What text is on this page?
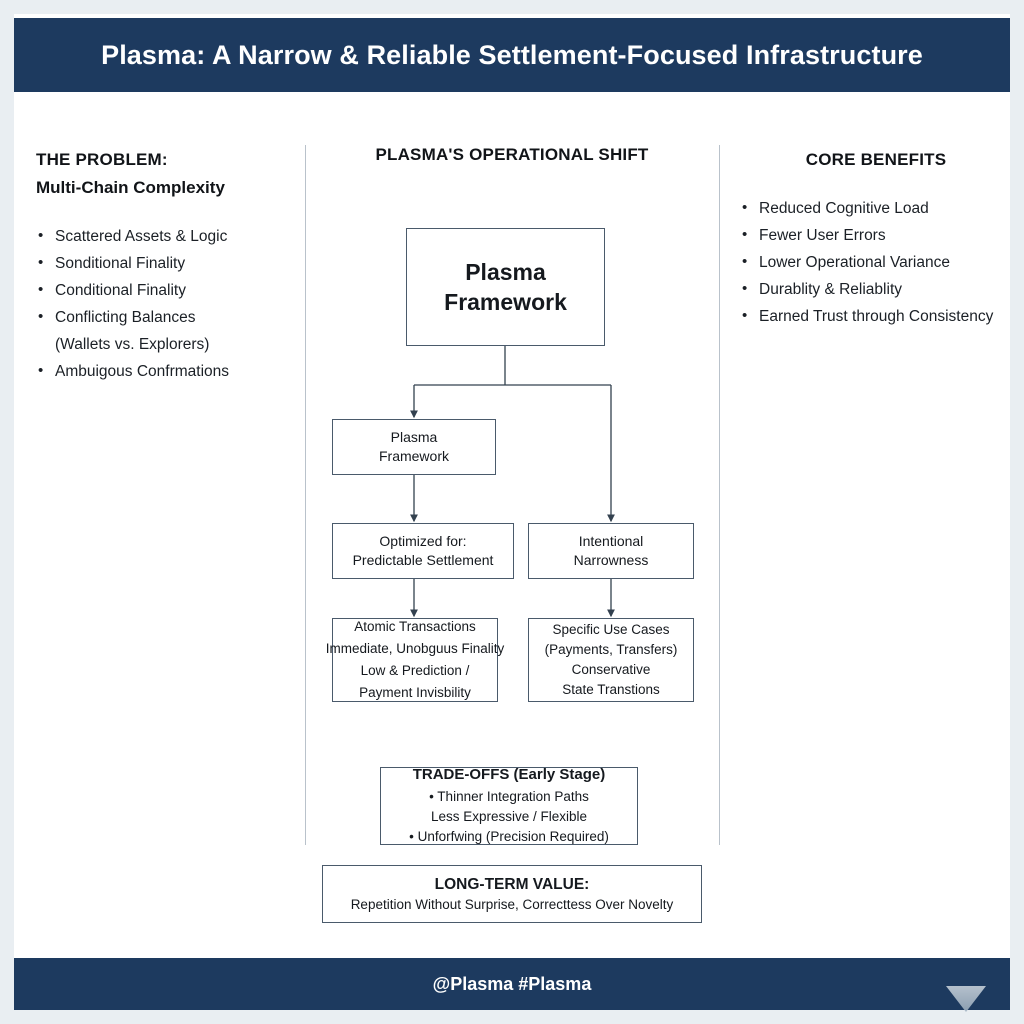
Plasma: A Narrow & Reliable Settlement-Focused Infrastructure
THE PROBLEM:
Multi-Chain Complexity
• Scattered Assets & Logic
• Sonditional Finality
• Conditional Finality
• Conflicting Balances
(Wallets vs. Explorers)
• Ambuigous Confrmations
PLASMA'S OPERATIONAL SHIFT
Plasma
Framework
Plasma
Framework
Optimized for:
Predictable Settlement
Intentional
Narrowness
Atomic Transactions
Immediate, Unobguus Finality
Low & Prediction /
Payment Invisbility
Specific Use Cases
(Payments, Transfers)
Conservative
State Transtions
TRADE-OFFS (Early Stage)
• Thinner Integration Paths
Less Expressive / Flexible
• Unforfwing (Precision Required)
LONG-TERM VALUE:
Repetition Without Surprise, Correcttess Over Novelty
CORE BENEFITS
• Reduced Cognitive Load
• Fewer User Errors
• Lower Operational Variance
• Durablity & Reliablity
• Earned Trust through Consistency
@Plasma #Plasma
